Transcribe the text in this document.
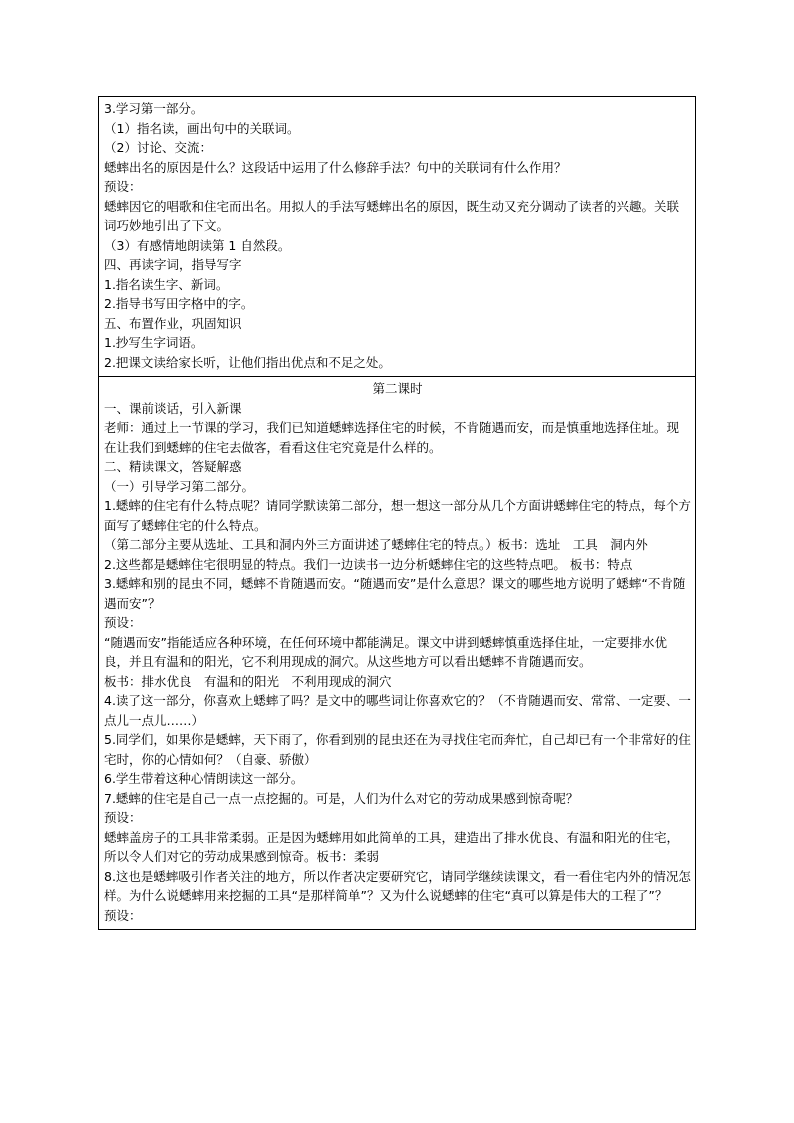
3.学习第一部分。
（1）指名读，画出句中的关联词。
（2）讨论、交流：
蟋蟀出名的原因是什么？这段话中运用了什么修辞手法？句中的关联词有什么作用？
预设：
蟋蟀因它的唱歌和住宅而出名。用拟人的手法写蟋蟀出名的原因，既生动又充分调动了读者的兴趣。关联词巧妙地引出了下文。
（3）有感情地朗读第 1 自然段。
四、再读字词，指导写字
1.指名读生字、新词。
2.指导书写田字格中的字。
五、布置作业，巩固知识
1.抄写生字词语。
2.把课文读给家长听，让他们指出优点和不足之处。
第二课时
一、课前谈话，引入新课
老师：通过上一节课的学习，我们已知道蟋蟀选择住宅的时候，不肯随遇而安，而是慎重地选择住址。现在让我们到蟋蟀的住宅去做客，看看这住宅究竟是什么样的。
二、精读课文，答疑解惑
（一）引导学习第二部分。
1.蟋蟀的住宅有什么特点呢？请同学默读第二部分，想一想这一部分从几个方面讲蟋蟀住宅的特点，每个方面写了蟋蟀住宅的什么特点。
（第二部分主要从选址、工具和洞内外三方面讲述了蟋蟀住宅的特点。）板书：选址　工具　洞内外
2.这些都是蟋蟀住宅很明显的特点。我们一边读书一边分析蟋蟀住宅的这些特点吧。 板书：特点
3.蟋蟀和别的昆虫不同，蟋蟀不肯随遇而安。“随遇而安”是什么意思？课文的哪些地方说明了蟋蟀“不肯随遇而安”？
预设：
“随遇而安”指能适应各种环境，在任何环境中都能满足。课文中讲到蟋蟀慎重选择住址，一定要排水优良，并且有温和的阳光，它不利用现成的洞穴。从这些地方可以看出蟋蟀不肯随遇而安。
板书：排水优良　有温和的阳光　不利用现成的洞穴
4.读了这一部分，你喜欢上蟋蟀了吗？是文中的哪些词让你喜欢它的？（不肯随遇而安、常常、一定要、一点儿一点儿……）
5.同学们，如果你是蟋蟀，天下雨了，你看到别的昆虫还在为寻找住宅而奔忙，自己却已有一个非常好的住宅时，你的心情如何？（自豪、骄傲）
6.学生带着这种心情朗读这一部分。
7.蟋蟀的住宅是自己一点一点挖掘的。可是，人们为什么对它的劳动成果感到惊奇呢？
预设：
蟋蟀盖房子的工具非常柔弱。正是因为蟋蟀用如此简单的工具，建造出了排水优良、有温和阳光的住宅，所以令人们对它的劳动成果感到惊奇。板书：柔弱
8.这也是蟋蟀吸引作者关注的地方，所以作者决定要研究它，请同学继续读课文，看一看住宅内外的情况怎样。为什么说蟋蟀用来挖掘的工具“是那样简单”？又为什么说蟋蟀的住宅“真可以算是伟大的工程了”？
预设：
